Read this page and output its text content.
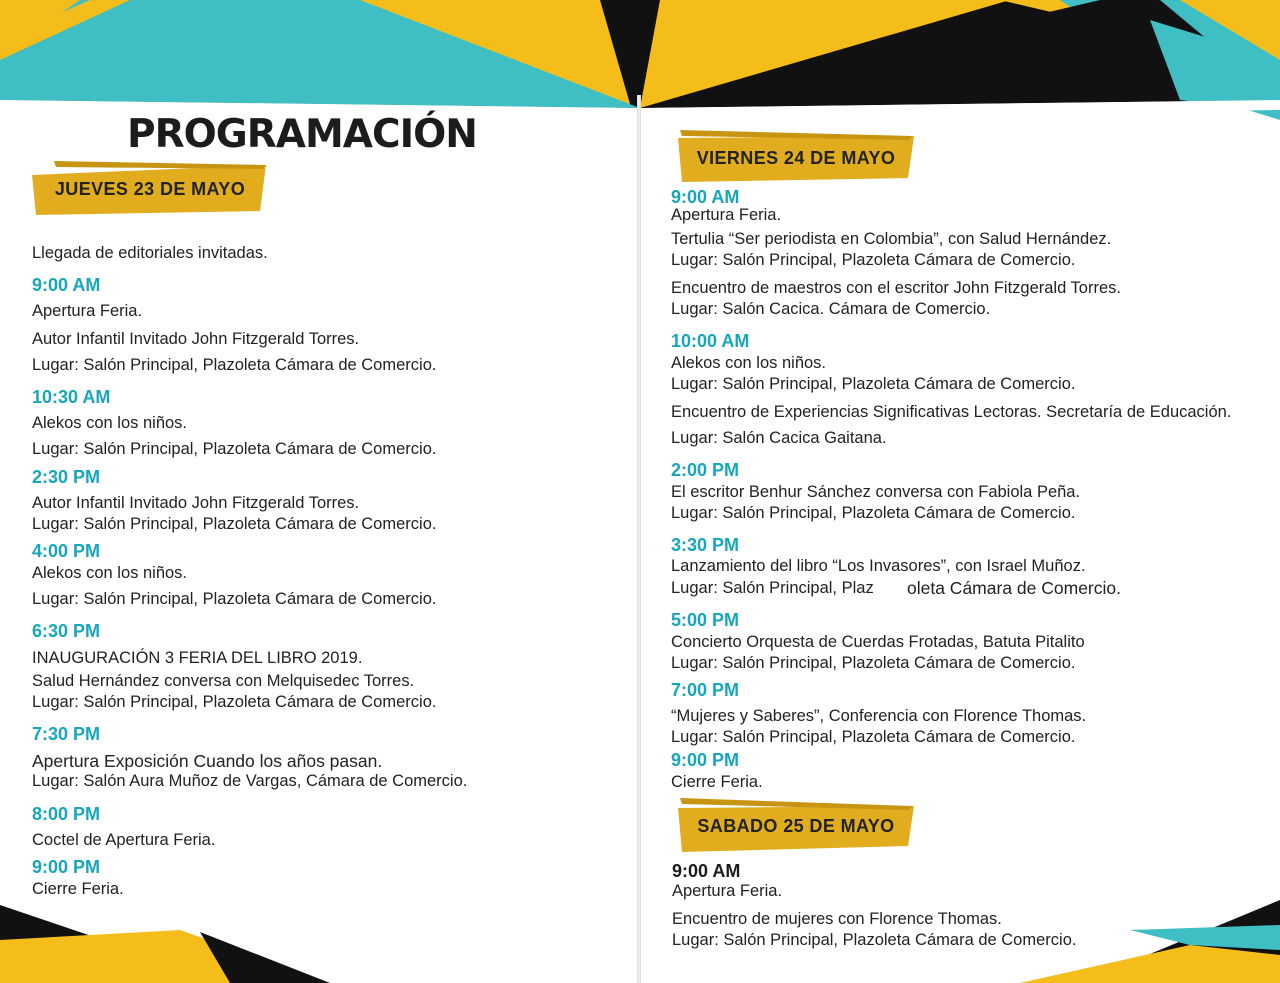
PROGRAMACIÓN
JUEVES 23 DE MAYO
Llegada de editoriales invitadas.
9:00 AM
Apertura Feria.
Autor Infantil Invitado John Fitzgerald Torres.
Lugar: Salón Principal, Plazoleta Cámara de Comercio.
10:30 AM
Alekos con los niños.
Lugar: Salón Principal, Plazoleta Cámara de Comercio.
2:30 PM
Autor Infantil Invitado John Fitzgerald Torres.
Lugar: Salón Principal, Plazoleta Cámara de Comercio.
4:00 PM
Alekos con los niños.
Lugar: Salón Principal, Plazoleta Cámara de Comercio.
6:30 PM
INAUGURACIÓN 3 FERIA DEL LIBRO 2019.
Salud Hernández conversa con Melquisedec Torres.
Lugar: Salón Principal, Plazoleta Cámara de Comercio.
7:30 PM
Apertura Exposición Cuando los años pasan.
Lugar: Salón Aura Muñoz de Vargas, Cámara de Comercio.
8:00 PM
Coctel de Apertura Feria.
9:00 PM
Cierre Feria.
VIERNES 24 DE MAYO
9:00 AM
Apertura Feria.
Tertulia “Ser periodista en Colombia”, con Salud Hernández.
Lugar: Salón Principal, Plazoleta Cámara de Comercio.
Encuentro de maestros con el escritor John Fitzgerald Torres.
Lugar: Salón Cacica. Cámara de Comercio.
10:00 AM
Alekos con los niños.
Lugar: Salón Principal, Plazoleta Cámara de Comercio.
Encuentro de Experiencias Significativas Lectoras. Secretaría de Educación.
Lugar: Salón Cacica Gaitana.
2:00 PM
El escritor Benhur Sánchez conversa con Fabiola Peña.
Lugar: Salón Principal, Plazoleta Cámara de Comercio.
3:30 PM
Lanzamiento del libro “Los Invasores”, con Israel Muñoz.
Lugar: Salón Principal, Plaz oleta Cámara de Comercio.
5:00 PM
Concierto Orquesta de Cuerdas Frotadas, Batuta Pitalito
Lugar: Salón Principal, Plazoleta Cámara de Comercio.
7:00 PM
“Mujeres y Saberes”, Conferencia con Florence Thomas.
Lugar: Salón Principal, Plazoleta Cámara de Comercio.
9:00 PM
Cierre Feria.
SABADO 25 DE MAYO
9:00 AM
Apertura Feria.
Encuentro de mujeres con Florence Thomas.
Lugar: Salón Principal, Plazoleta Cámara de Comercio.
